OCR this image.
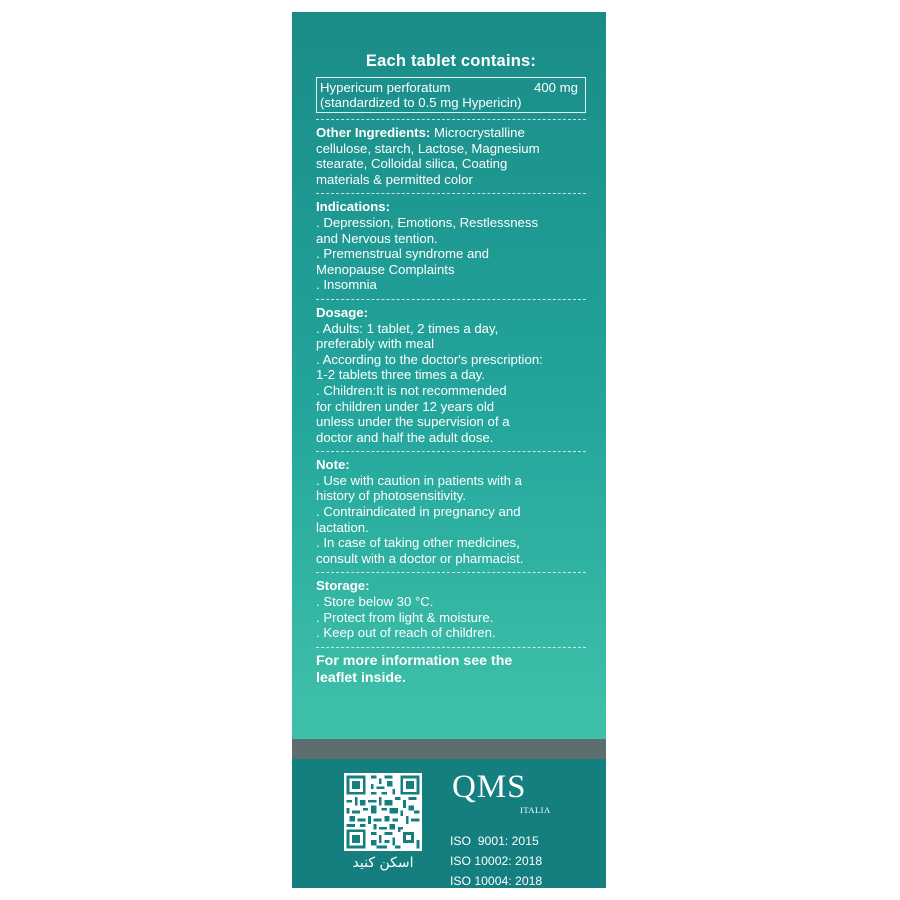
Each tablet contains:
Hypericum perforatum	400 mg
(standardized to 0.5 mg Hypericin)
Other Ingredients: Microcrystalline
cellulose, starch, Lactose, Magnesium
stearate, Colloidal silica, Coating
materials & permitted color
Indications:
. Depression, Emotions, Restlessness
and Nervous tention.
. Premenstrual syndrome and
Menopause Complaints
. Insomnia
Dosage:
. Adults: 1 tablet, 2 times a day,
preferably with meal
. According to the doctor's prescription:
1-2 tablets three times a day.
. Children:It is not recommended
for children under 12 years old
unless under the supervision of a
doctor and half the adult dose.
Note:
. Use with caution in patients with a
history of photosensitivity.
. Contraindicated in pregnancy and
lactation.
. In case of taking other medicines,
consult with a doctor or pharmacist.
Storage:
. Store below 30 °C.
. Protect from light & moisture.
. Keep out of reach of children.
For more information see the
leaflet inside.
اسکن کنید
QMS
ITALIA
ISO  9001: 2015
ISO 10002: 2018
ISO 10004: 2018
